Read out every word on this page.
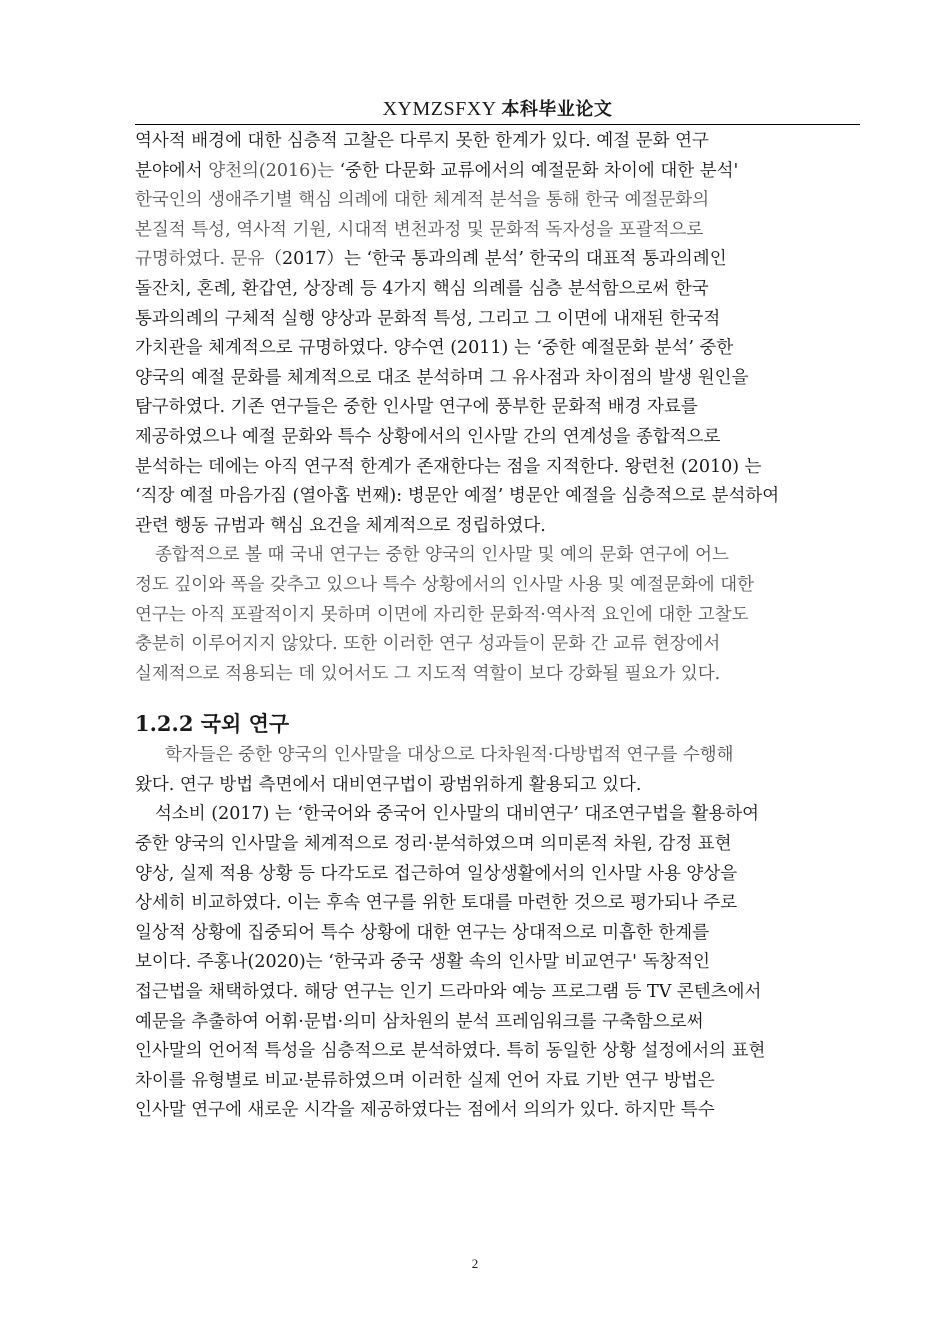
XYMZSFXY 本科毕业论文
역사적 배경에 대한 심층적 고찰은 다루지 못한 한계가 있다. 예절 문화 연구
분야에서 양천의(2016)는 ‘중한 다문화 교류에서의 예절문화 차이에 대한 분석'
한국인의 생애주기별 핵심 의례에 대한 체계적 분석을 통해 한국 예절문화의
본질적 특성, 역사적 기원, 시대적 변천과정 및 문화적 독자성을 포괄적으로
규명하였다. 문유（2017）는 ‘한국 통과의례 분석’ 한국의 대표적 통과의례인
돌잔치, 혼례, 환갑연, 상장례 등 4가지 핵심 의례를 심층 분석함으로써 한국
통과의례의 구체적 실행 양상과 문화적 특성, 그리고 그 이면에 내재된 한국적
가치관을 체계적으로 규명하였다. 양수연 (2011) 는 ‘중한 예절문화 분석’ 중한
양국의 예절 문화를 체계적으로 대조 분석하며 그 유사점과 차이점의 발생 원인을
탐구하였다. 기존 연구들은 중한 인사말 연구에 풍부한 문화적 배경 자료를
제공하였으나 예절 문화와 특수 상황에서의 인사말 간의 연계성을 종합적으로
분석하는 데에는 아직 연구적 한계가 존재한다는 점을 지적한다. 왕련천 (2010) 는
‘직장 예절 마음가짐 (열아홉 번째): 병문안 예절’ 병문안 예절을 심층적으로 분석하여
관련 행동 규범과 핵심 요건을 체계적으로 정립하였다.
종합적으로 볼 때 국내 연구는 중한 양국의 인사말 및 예의 문화 연구에 어느
정도 깊이와 폭을 갖추고 있으나 특수 상황에서의 인사말 사용 및 예절문화에 대한
연구는 아직 포괄적이지 못하며 이면에 자리한 문화적·역사적 요인에 대한 고찰도
충분히 이루어지지 않았다. 또한 이러한 연구 성과들이 문화 간 교류 현장에서
실제적으로 적용되는 데 있어서도 그 지도적 역할이 보다 강화될 필요가 있다.
1.2.2 국외 연구
학자들은 중한 양국의 인사말을 대상으로 다차원적·다방법적 연구를 수행해
왔다. 연구 방법 측면에서 대비연구법이 광범위하게 활용되고 있다.
석소비 (2017) 는 ‘한국어와 중국어 인사말의 대비연구’ 대조연구법을 활용하여
중한 양국의 인사말을 체계적으로 정리·분석하였으며 의미론적 차원, 감정 표현
양상, 실제 적용 상황 등 다각도로 접근하여 일상생활에서의 인사말 사용 양상을
상세히 비교하였다. 이는 후속 연구를 위한 토대를 마련한 것으로 평가되나 주로
일상적 상황에 집중되어 특수 상황에 대한 연구는 상대적으로 미흡한 한계를
보이다. 주홍나(2020)는 ‘한국과 중국 생활 속의 인사말 비교연구' 독창적인
접근법을 채택하였다. 해당 연구는 인기 드라마와 예능 프로그램 등 TV 콘텐츠에서
예문을 추출하여 어휘·문법·의미 삼차원의 분석 프레임워크를 구축함으로써
인사말의 언어적 특성을 심층적으로 분석하였다. 특히 동일한 상황 설정에서의 표현
차이를 유형별로 비교·분류하였으며 이러한 실제 언어 자료 기반 연구 방법은
인사말 연구에 새로운 시각을 제공하였다는 점에서 의의가 있다. 하지만 특수
2
